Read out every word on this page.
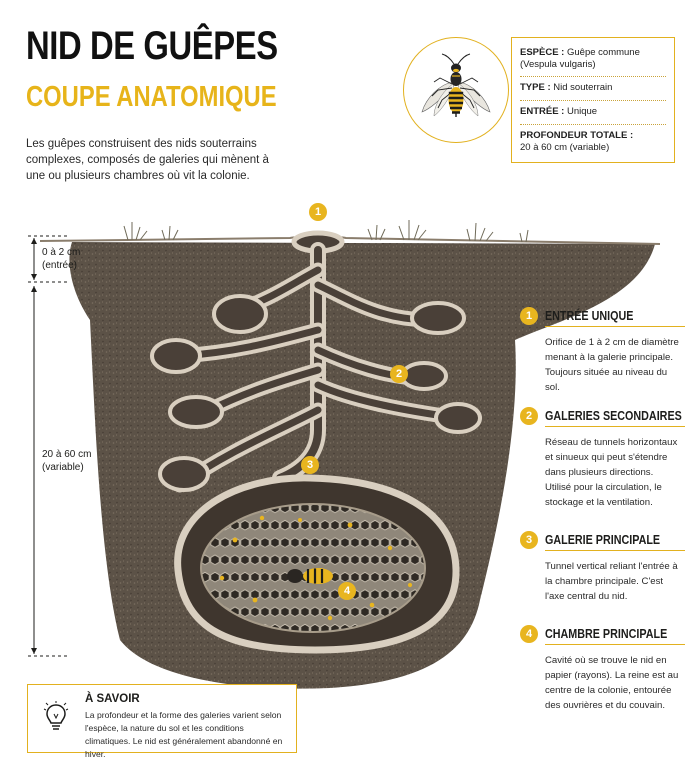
NID DE GUÊPES
COUPE ANATOMIQUE
Les guêpes construisent des nids souterrains complexes, composés de galeries qui mènent à une ou plusieurs chambres où vit la colonie.
ESPÈCE : Guêpe commune (Vespula vulgaris)
TYPE : Nid souterrain
ENTRÉE : Unique
PROFONDEUR TOTALE :
20 à 60 cm (variable)
0 à 2 cm
(entrée)
20 à 60 cm
(variable)
1
2
3
4
1	ENTRÉE UNIQUE
Orifice de 1 à 2 cm de diamètre menant à la galerie principale. Toujours située au niveau du sol.
2	GALERIES SECONDAIRES
Réseau de tunnels horizontaux et sinueux qui peut s'étendre dans plusieurs directions. Utilisé pour la circulation, le stockage et la ventilation.
3	GALERIE PRINCIPALE
Tunnel vertical reliant l'entrée à la chambre principale. C'est l'axe central du nid.
4	CHAMBRE PRINCIPALE
Cavité où se trouve le nid en papier (rayons). La reine est au centre de la colonie, entourée des ouvrières et du couvain.
À SAVOIR
La profondeur et la forme des galeries varient selon l'espèce, la nature du sol et les conditions climatiques. Le nid est généralement abandonné en hiver.
